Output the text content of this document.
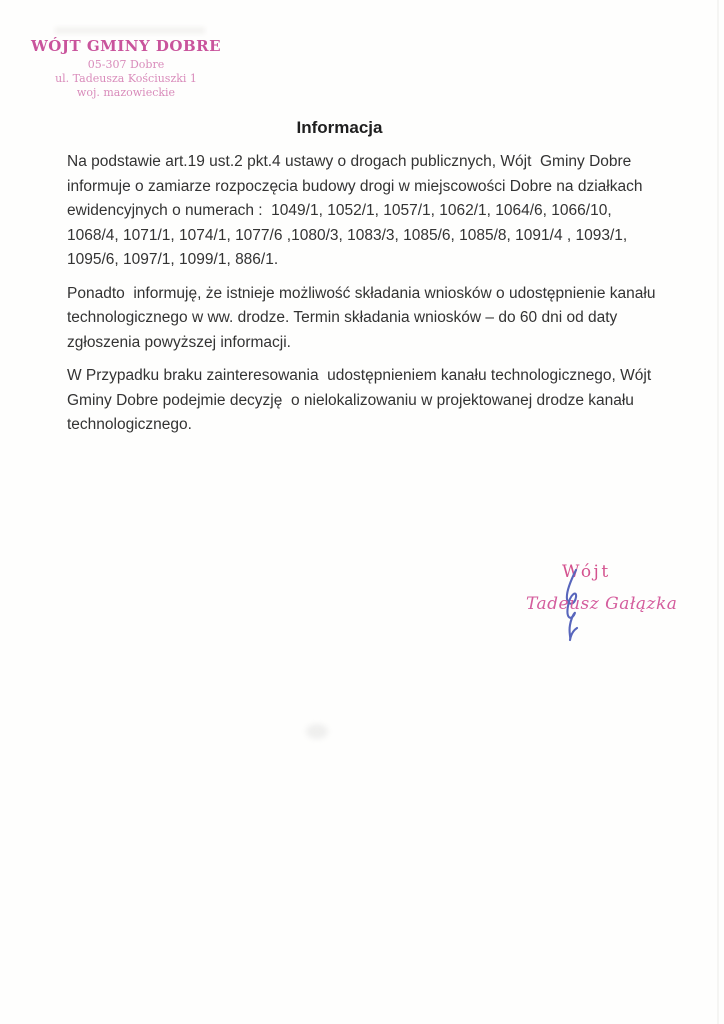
WÓJT GMINY DOBRE
05-307 Dobre
ul. Tadeusza Kościuszki 1
woj. mazowieckie
Informacja

Na podstawie art.19 ust.2 pkt.4 ustawy o drogach publicznych, Wójt  Gminy Dobre informuje o zamiarze rozpoczęcia budowy drogi w miejscowości Dobre na działkach  ewidencyjnych o numerach :  1049/1, 1052/1, 1057/1, 1062/1, 1064/6, 1066/10, 1068/4, 1071/1, 1074/1, 1077/6 ,1080/3, 1083/3, 1085/6, 1085/8, 1091/4 , 1093/1, 1095/6, 1097/1, 1099/1, 886/1.

Ponadto  informuję, że istnieje możliwość składania wniosków o udostępnienie kanału technologicznego w ww. drodze. Termin składania wniosków – do 60 dni od daty zgłoszenia powyższej informacji.

W Przypadku braku zainteresowania  udostępnieniem kanału technologicznego, Wójt Gminy Dobre podejmie decyzję  o nielokalizowaniu w projektowanej drodze kanału technologicznego.

Wójt
Tadeusz Gałązka
